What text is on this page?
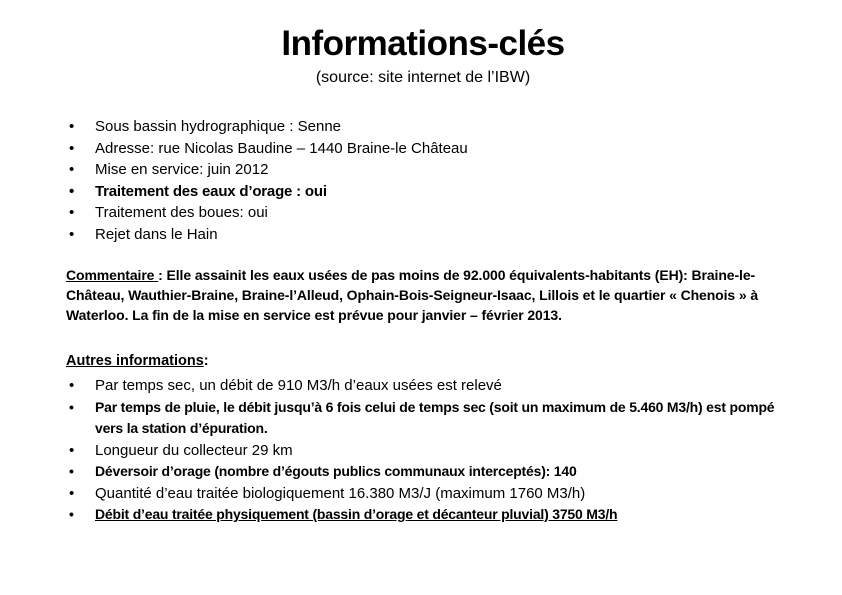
Informations-clés

(source: site internet de l’IBW)

• Sous bassin hydrographique : Senne
• Adresse: rue Nicolas Baudine – 1440 Braine-le Château
• Mise en service: juin 2012
• Traitement des eaux d’orage : oui
• Traitement des boues: oui
• Rejet dans le Hain

Commentaire : Elle assainit les eaux usées de pas moins de 92.000 équivalents-habitants (EH): Braine-le-Château, Wauthier-Braine, Braine-l’Alleud, Ophain-Bois-Seigneur-Isaac, Lillois et le quartier « Chenois » à Waterloo. La fin de la mise en service est prévue pour janvier – février 2013.

Autres informations:

• Par temps sec, un débit de 910 M3/h d’eaux usées est relevé
• Par temps de pluie, le débit jusqu’à 6 fois celui de temps sec (soit un maximum de 5.460 M3/h) est pompé vers la station d’épuration.
• Longueur du collecteur 29 km
• Déversoir d’orage (nombre d’égouts publics communaux interceptés): 140
• Quantité d’eau traitée biologiquement 16.380 M3/J (maximum 1760 M3/h)
• Débit d’eau traitée physiquement (bassin d’orage et décanteur pluvial) 3750 M3/h
